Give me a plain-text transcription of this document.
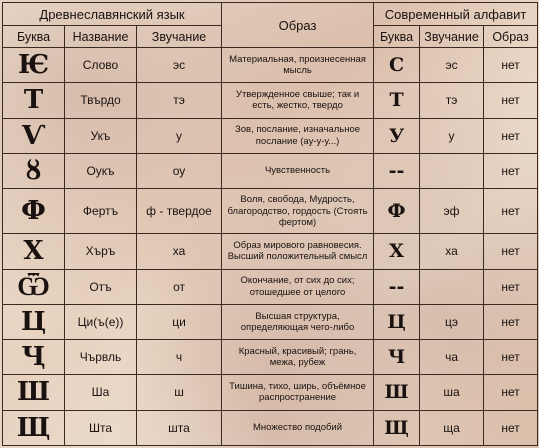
Древнеславянский язык			Образ	Современный алфавит		
Буква	Название	Звучание		Буква	Звучание	Образ
Ѥ	Слово	эс	Материальная, произнесенная мысль	С	эс	нет
Т	Твърдо	тэ	Утвержденное свыше; так и есть, жестко, твердо	Т	тэ	нет
Ѵ	Укъ	у	Зов, послание, изначальное послание (ау-у-у...)	У	у	нет
ȣ	Оукъ	оу	Чувственность	--		нет
Ф	Фертъ	ф - твердое	Воля, свобода, Мудрость, благородство, гордость (Стоять фертом)	Ф	эф	нет
Х	Хъръ	ха	Образ мирового равновесия. Высший положительный смысл	Х	ха	нет
Ѿ	Отъ	от	Окончание, от сих до сих; отошедшее от целого	--		нет
Ц	Ци(ъ(е))	ци	Высшая структура, определяющая чего-либо	Ц	цэ	нет
Ҷ	Чървль	ч	Красный, красивый; грань, межа, рубеж	Ч	ча	нет
Ш	Ша	ш	Тишина, тихо, ширь, объёмное распространение	Ш	ша	нет
Щ	Шта	шта	Множество подобий	Щ	ща	нет
